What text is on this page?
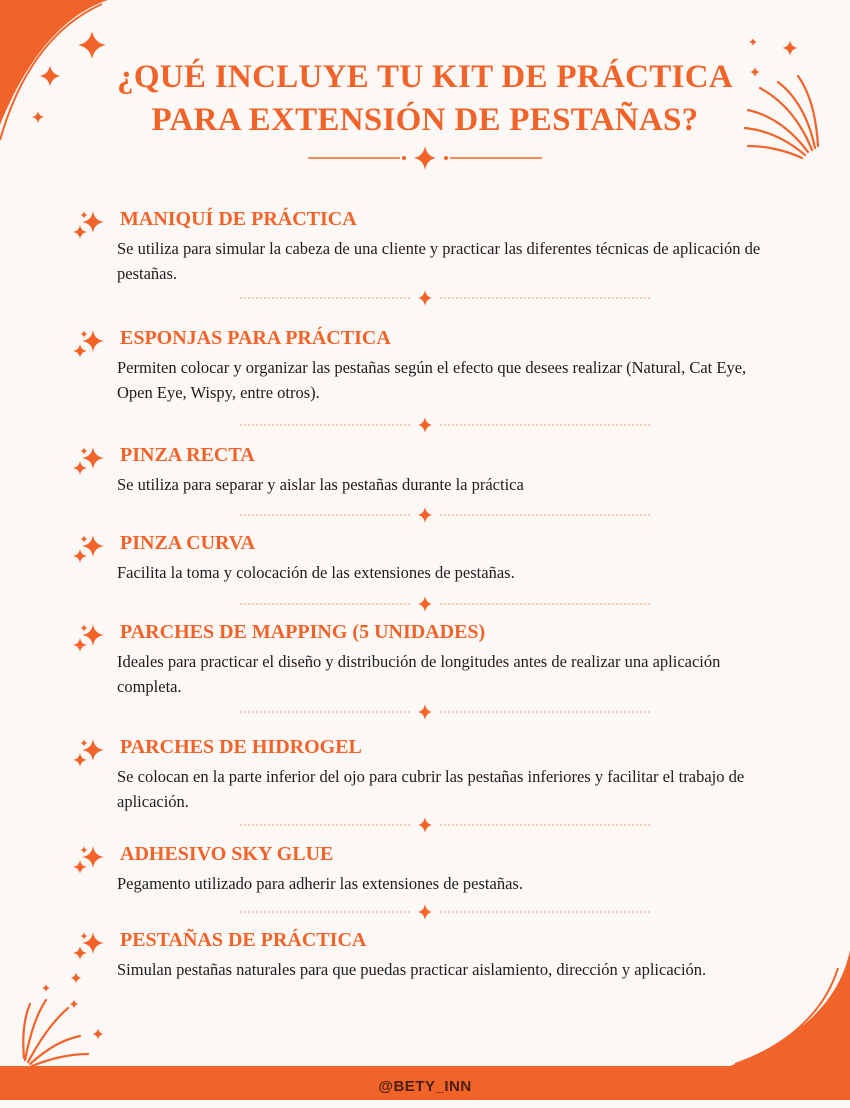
¿QUÉ INCLUYE TU KIT DE PRÁCTICA
PARA EXTENSIÓN DE PESTAÑAS?
MANIQUÍ DE PRÁCTICA

Se utiliza para simular la cabeza de una cliente y practicar las diferentes técnicas de aplicación de pestañas.

ESPONJAS PARA PRÁCTICA

Permiten colocar y organizar las pestañas según el efecto que desees realizar (Natural, Cat Eye, Open Eye, Wispy, entre otros).

PINZA RECTA

Se utiliza para separar y aislar las pestañas durante la práctica

PINZA CURVA

Facilita la toma y colocación de las extensiones de pestañas.

PARCHES DE MAPPING (5 UNIDADES)

Ideales para practicar el diseño y distribución de longitudes antes de realizar una aplicación completa.

PARCHES DE HIDROGEL

Se colocan en la parte inferior del ojo para cubrir las pestañas inferiores y facilitar el trabajo de aplicación.

ADHESIVO SKY GLUE

Pegamento utilizado para adherir las extensiones de pestañas.

PESTAÑAS DE PRÁCTICA

Simulan pestañas naturales para que puedas practicar aislamiento, dirección y aplicación.

@BETY_INN
